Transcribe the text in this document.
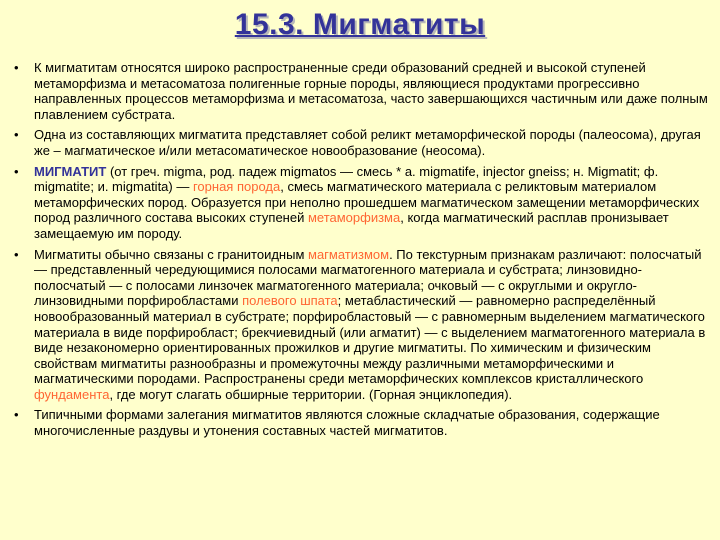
15.3. Мигматиты
• К мигматитам относятся широко распространенные среди образований средней и высокой ступеней метаморфизма и метасоматоза полигенные горные породы, являющиеся продуктами прогрессивно направленных процессов метаморфизма и метасоматоза, часто завершающихся частичным или даже полным плавлением субстрата.
• Одна из составляющих мигматита представляет собой реликт метаморфической породы (палеосома), другая же – магматическое и/или метасоматическое новообразование (неосома).
• МИГМАТИТ (от греч. migma, род. падеж migmatos — смесь * a. migmatife, injector gneiss; н. Migmatit; ф. migmatite; и. migmatita) — горная порода, смесь магматического материала с реликтовым материалом метаморфических пород. Образуется при неполно прошедшем магматическом замещении метаморфических пород различного состава высоких ступеней метаморфизма, когда магматический расплав пронизывает замещаемую им породу.
• Мигматиты обычно связаны с гранитоидным магматизмом. По текстурным признакам различают: полосчатый — представленный чередующимися полосами магматогенного материала и субстрата; линзовидно-полосчатый — с полосами линзочек магматогенного материала; очковый — с округлыми и округло-линзовидными порфиробластами полевого шпата; метабластический — равномерно распределённый новообразованный материал в субстрате; порфиробластовый — с равномерным выделением магматического материала в виде порфиробласт; брекчиевидный (или агматит) — с выделением магматогенного материала в виде незакономерно ориентированных прожилков и другие мигматиты. По химическим и физическим свойствам мигматиты разнообразны и промежуточны между различными метаморфическими и магматическими породами. Распространены среди метаморфических комплексов кристаллического фундамента, где могут слагать обширные территории. (Горная энциклопедия).
• Типичными формами залегания мигматитов являются сложные складчатые образования, содержащие многочисленные раздувы и утонения составных частей мигматитов.
